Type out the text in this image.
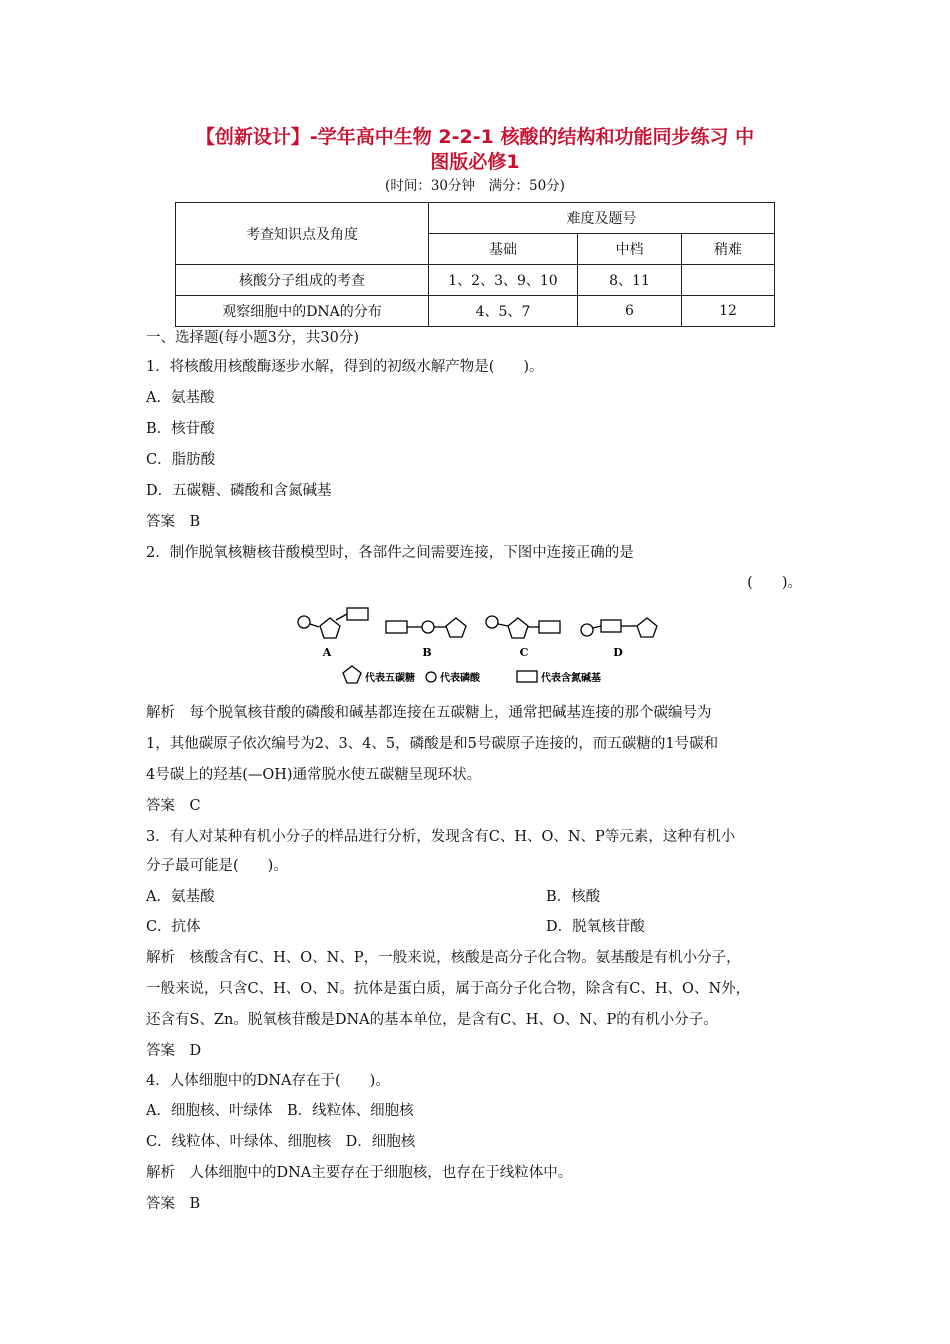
【创新设计】-学年高中生物 2-2-1 核酸的结构和功能同步练习 中
图版必修1
(时间：30分钟　满分：50分)
考查知识点及角度	难度及题号		
	基础	中档	稍难
核酸分子组成的考查	1、2、3、9、10	8、11	
观察细胞中的DNA的分布	4、5、7	6	12
一、选择题(每小题3分，共30分)
1．将核酸用核酸酶逐步水解，得到的初级水解产物是(　　)。
A．氨基酸
B．核苷酸
C．脂肪酸
D．五碳糖、磷酸和含氮碱基
答案　B
2．制作脱氧核糖核苷酸模型时，各部件之间需要连接，下图中连接正确的是
(　　)。
A	B	C	D
代表五碳糖	代表磷酸	代表含氮碱基
解析　每个脱氧核苷酸的磷酸和碱基都连接在五碳糖上，通常把碱基连接的那个碳编号为
1，其他碳原子依次编号为2、3、4、5，磷酸是和5号碳原子连接的，而五碳糖的1号碳和
4号碳上的羟基(—OH)通常脱水使五碳糖呈现环状。
答案　C
3．有人对某种有机小分子的样品进行分析，发现含有C、H、O、N、P等元素，这种有机小
分子最可能是(　　)。
A．氨基酸	B．核酸
C．抗体	D．脱氧核苷酸
解析　核酸含有C、H、O、N、P，一般来说，核酸是高分子化合物。氨基酸是有机小分子，
一般来说，只含C、H、O、N。抗体是蛋白质，属于高分子化合物，除含有C、H、O、N外，
还含有S、Zn。脱氧核苷酸是DNA的基本单位，是含有C、H、O、N、P的有机小分子。
答案　D
4．人体细胞中的DNA存在于(　　)。
A．细胞核、叶绿体　B．线粒体、细胞核
C．线粒体、叶绿体、细胞核　D．细胞核
解析　人体细胞中的DNA主要存在于细胞核，也存在于线粒体中。
答案　B
